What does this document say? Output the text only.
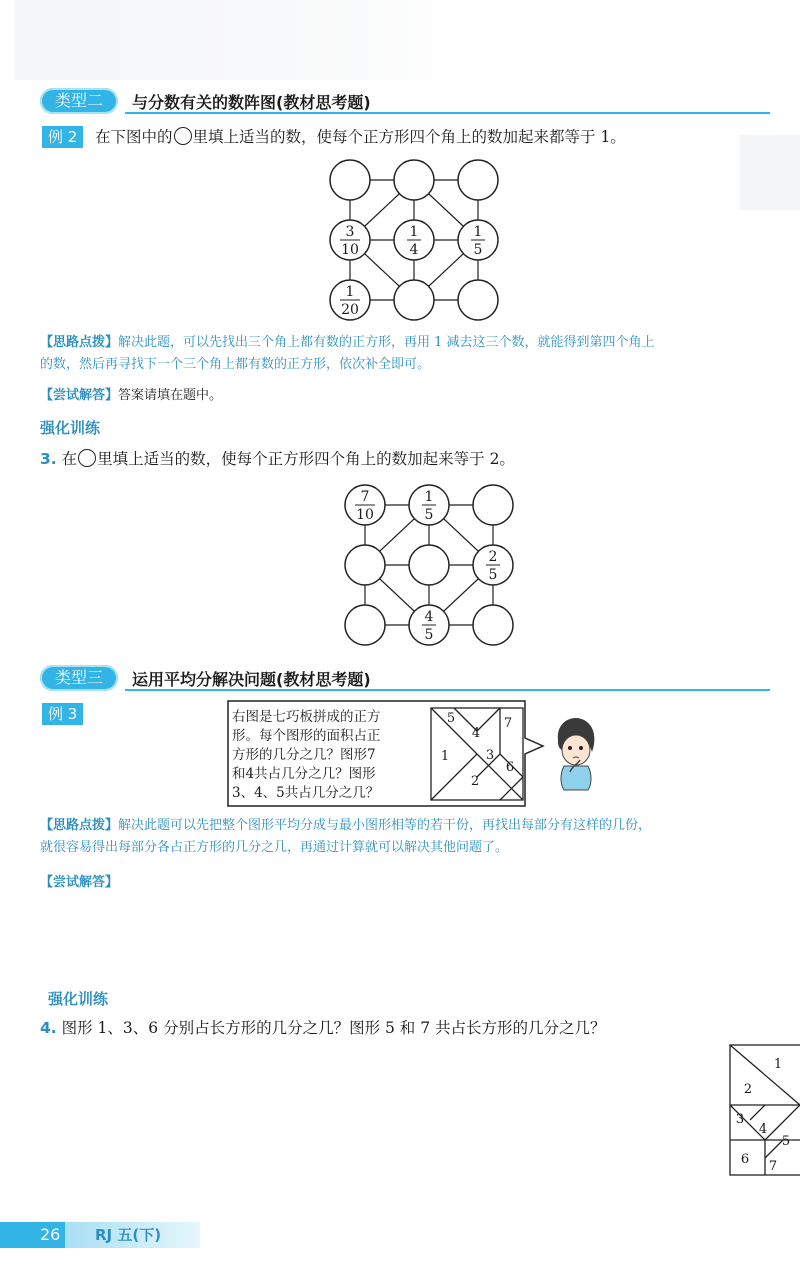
类型二	与分数有关的数阵图(教材思考题)
例 2	在下图中的 里填上适当的数，使每个正方形四个角上的数加起来都等于 1。
3
10
1
4
1
5
1
20
【思路点拨】解决此题，可以先找出三个角上都有数的正方形，再用 1 减去这三个数，就能得到第四个角上
的数，然后再寻找下一个三个角上都有数的正方形，依次补全即可。
【尝试解答】答案请填在题中。
强化训练
3. 在 里填上适当的数，使每个正方形四个角上的数加起来等于 2。
7
10
1
5
2
5
4
5
类型三	运用平均分解决问题(教材思考题)
例 3	右图是七巧板拼成的正方
形。每个图形的面积占正
方形的几分之几？图形7
和4共占几分之几？图形
3、4、5共占几分之几？
5
4
7
1	3
6
2
【思路点拨】解决此题可以先把整个图形平均分成与最小图形相等的若干份，再找出每部分有这样的几份，
就很容易得出每部分各占正方形的几分之几，再通过计算就可以解决其他问题了。
【尝试解答】
强化训练
4. 图形 1、3、6 分别占长方形的几分之几？图形 5 和 7 共占长方形的几分之几？
1
2
3
4
5
6 7
26 RJ 五(下)
